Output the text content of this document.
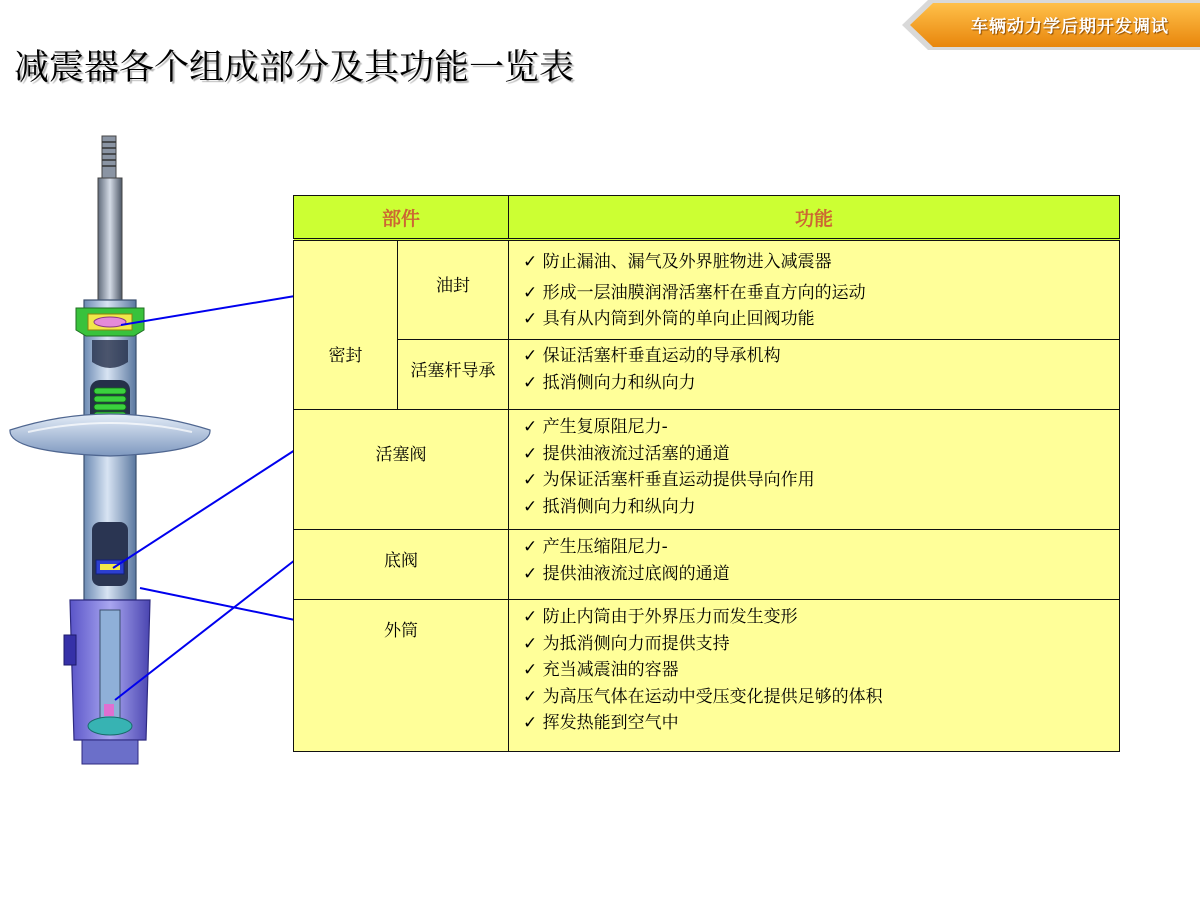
车辆动力学后期开发调试
减震器各个组成部分及其功能一览表
部件		功能
密封	油封	✓ 防止漏油、漏气及外界脏物进入减震器
✓ 形成一层油膜润滑活塞杆在垂直方向的运动
✓ 具有从内筒到外筒的单向止回阀功能

	活塞杆导承	✓ 保证活塞杆垂直运动的导承机构
✓ 抵消侧向力和纵向力

活塞阀		✓ 产生复原阻尼力-
✓ 提供油液流过活塞的通道
✓ 为保证活塞杆垂直运动提供导向作用
✓ 抵消侧向力和纵向力

底阀		✓ 产生压缩阻尼力-
✓ 提供油液流过底阀的通道

外筒		✓ 防止内筒由于外界压力而发生变形
✓ 为抵消侧向力而提供支持
✓ 充当减震油的容器
✓ 为高压气体在运动中受压变化提供足够的体积
✓ 挥发热能到空气中
